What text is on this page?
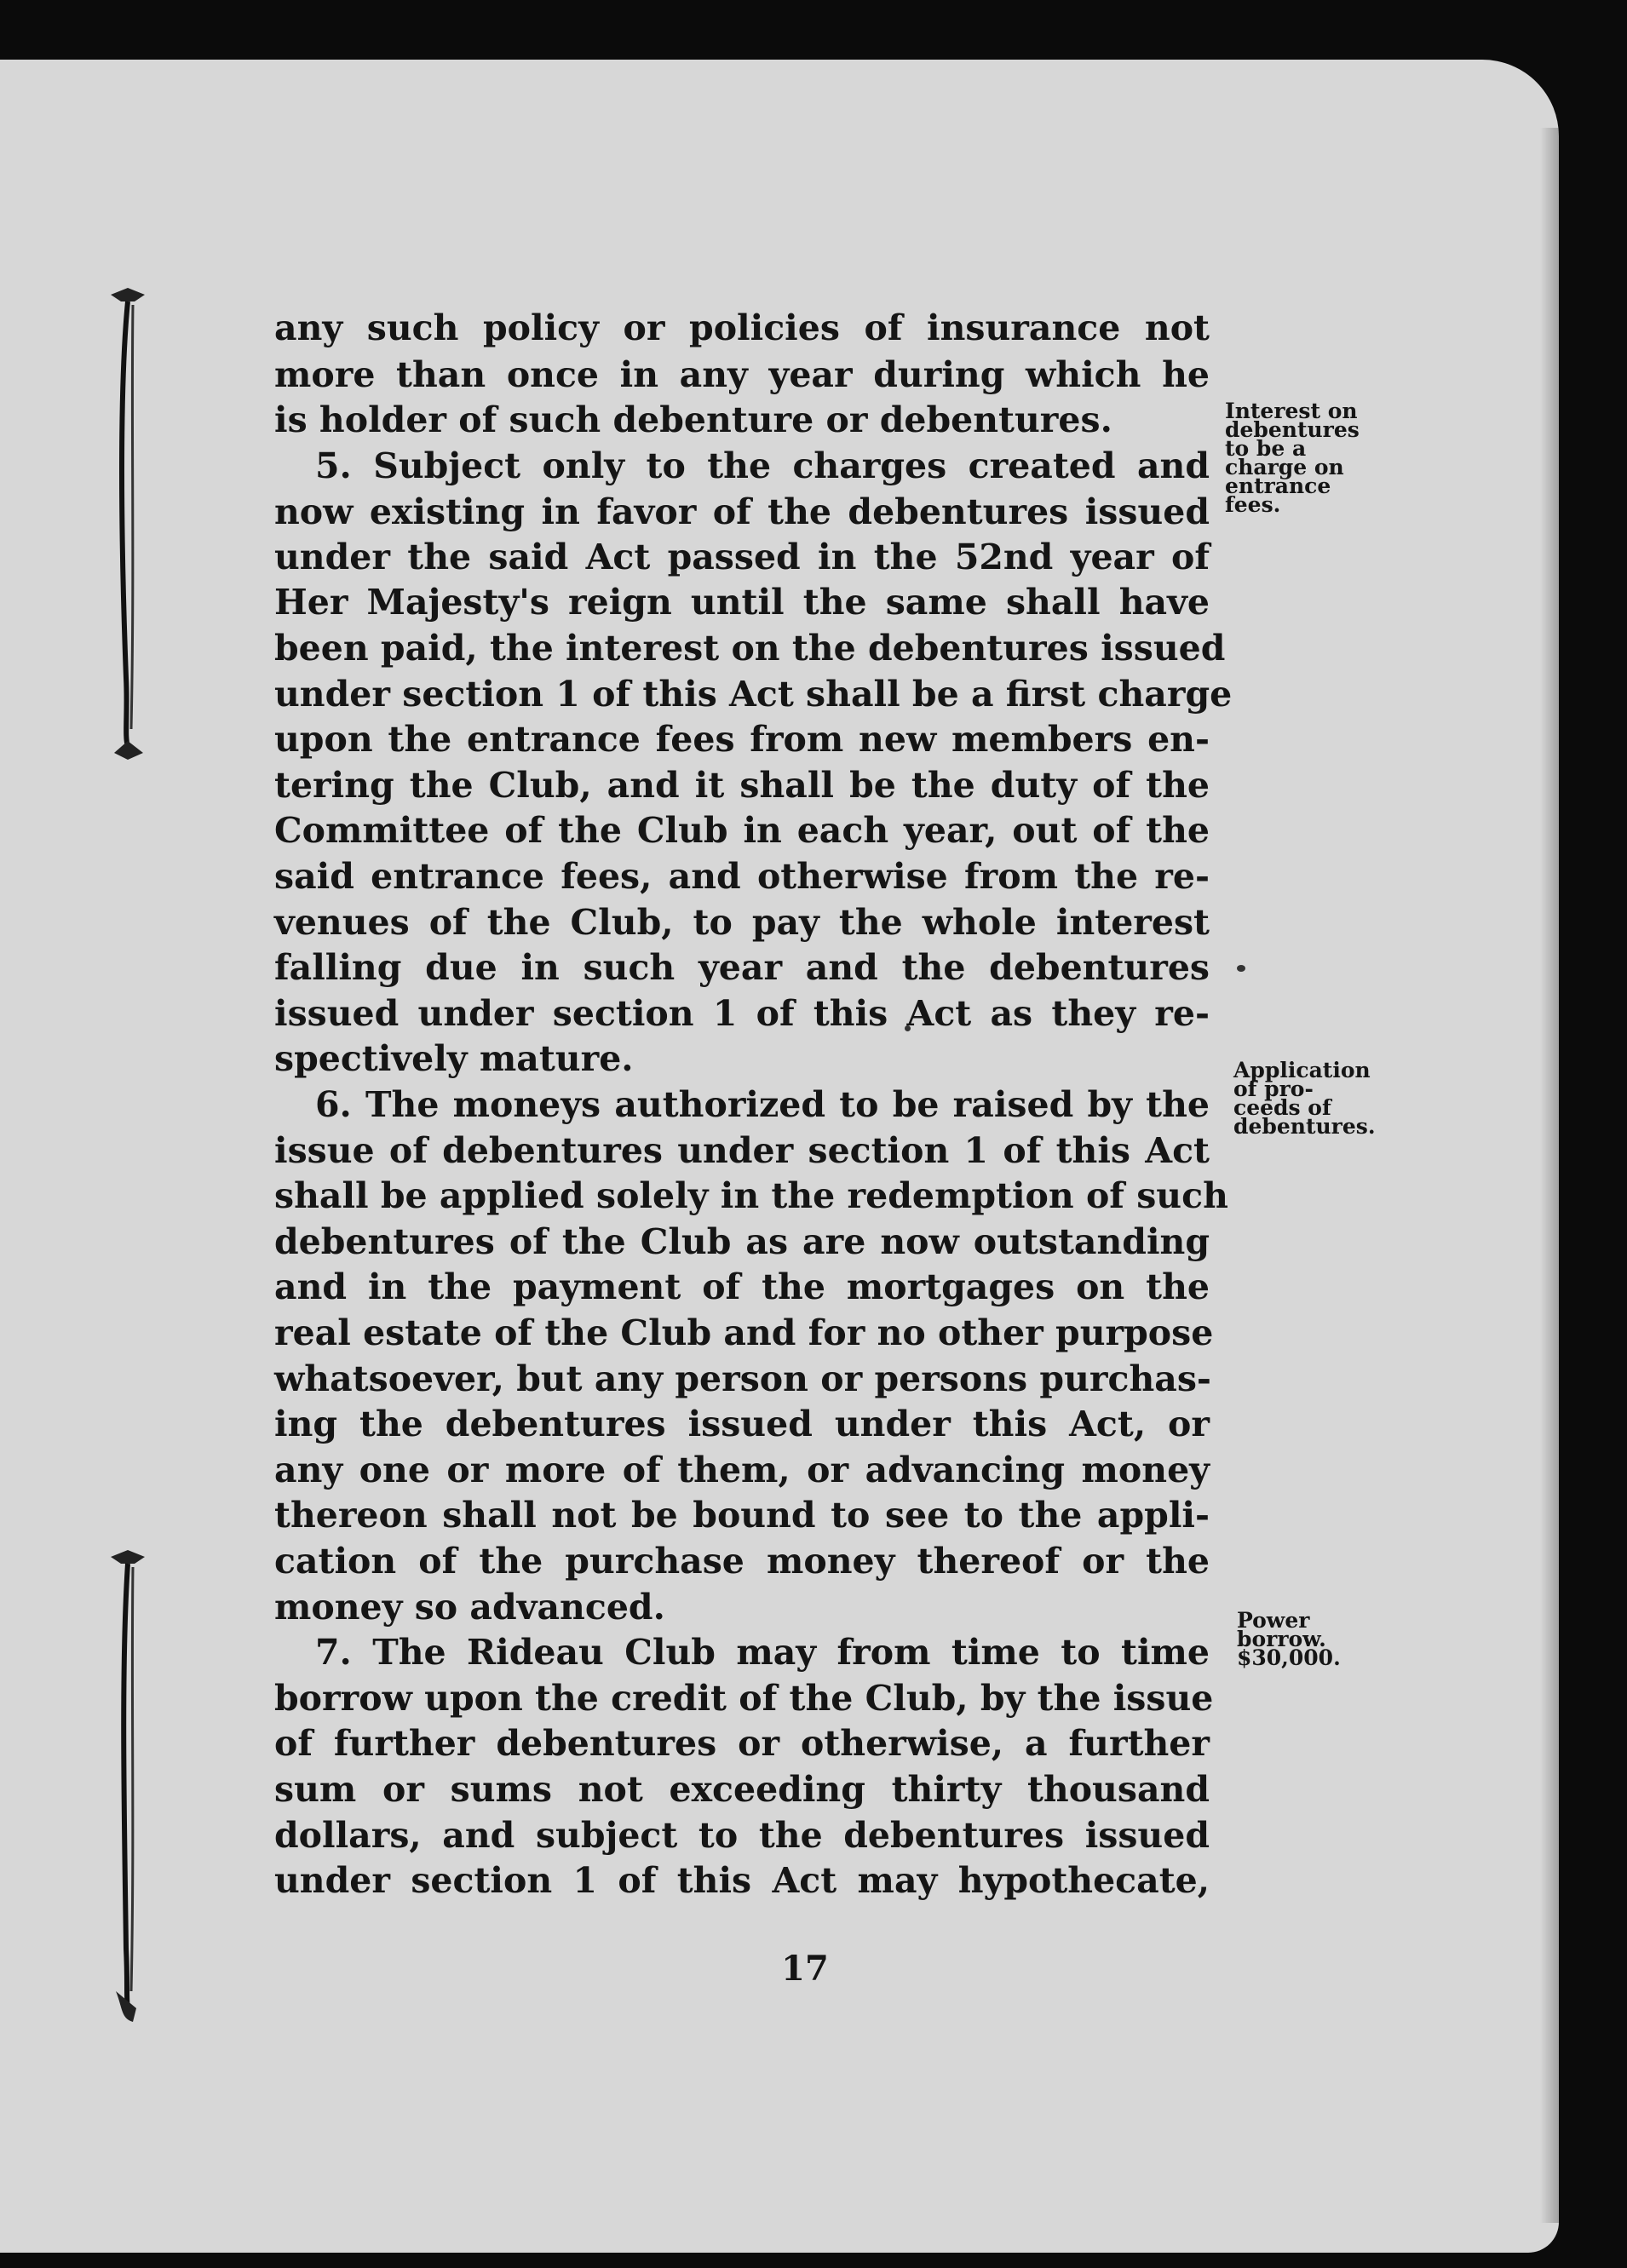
any such policy or policies of insurance not
more than once in any year during which he
is holder of such debenture or debentures.
5. Subject only to the charges created and
now existing in favor of the debentures issued
under the said Act passed in the 52nd year of
Her Majesty's reign until the same shall have
been paid, the interest on the debentures issued
under section 1 of this Act shall be a first charge
upon the entrance fees from new members en-
tering the Club, and it shall be the duty of the
Committee of the Club in each year, out of the
said entrance fees, and otherwise from the re-
venues of the Club, to pay the whole interest
falling due in such year and the debentures
issued under section 1 of this Act as they re-
spectively mature.
6. The moneys authorized to be raised by the
issue of debentures under section 1 of this Act
shall be applied solely in the redemption of such
debentures of the Club as are now outstanding
and in the payment of the mortgages on the
real estate of the Club and for no other purpose
whatsoever, but any person or persons purchas-
ing the debentures issued under this Act, or
any one or more of them, or advancing money
thereon shall not be bound to see to the appli-
cation of the purchase money thereof or the
money so advanced.
7. The Rideau Club may from time to time
borrow upon the credit of the Club, by the issue
of further debentures or otherwise, a further
sum or sums not exceeding thirty thousand
dollars, and subject to the debentures issued
under section 1 of this Act may hypothecate,
Interest on
debentures
to be a
charge on
entrance
fees.
Application
of pro-
ceeds of
debentures.
Power
borrow.
$30,000.
17
